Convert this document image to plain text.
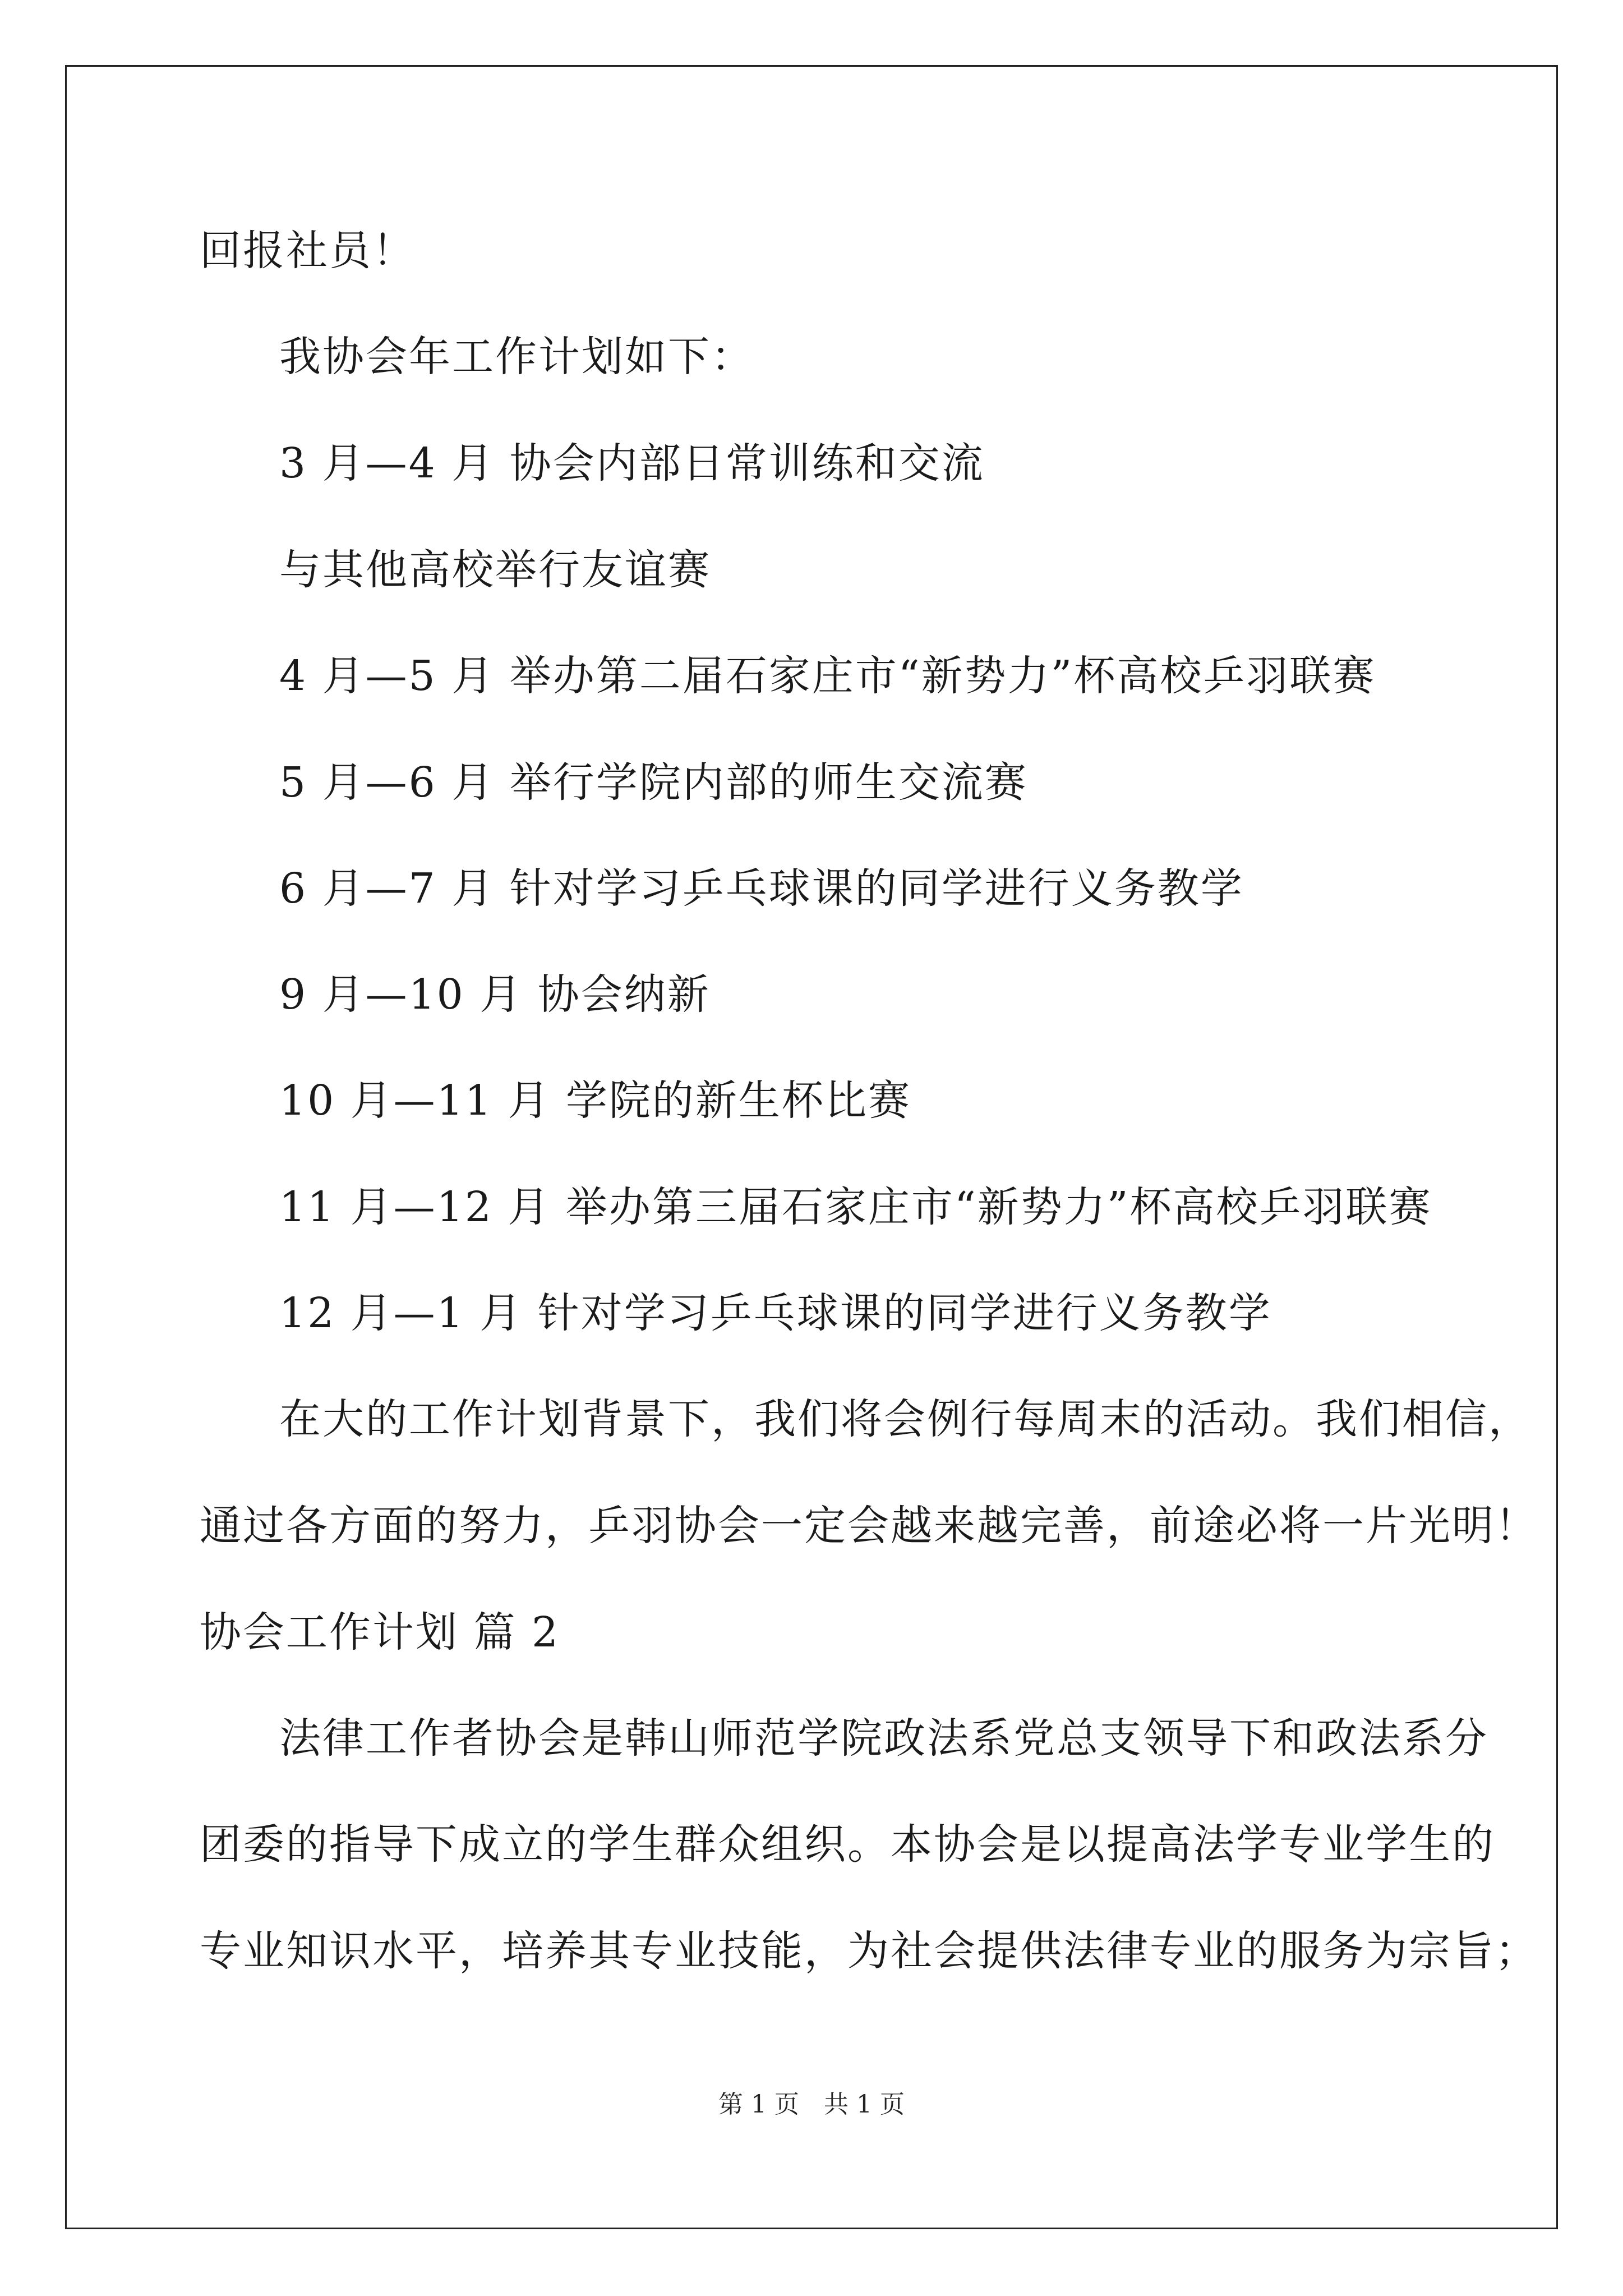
回报社员！
我协会年工作计划如下：
3 月—4 月 协会内部日常训练和交流
与其他高校举行友谊赛
4 月—5 月 举办第二届石家庄市“新势力”杯高校乒羽联赛
5 月—6 月 举行学院内部的师生交流赛
6 月—7 月 针对学习乒乓球课的同学进行义务教学
9 月—10 月 协会纳新
10 月—11 月 学院的新生杯比赛
11 月—12 月 举办第三届石家庄市“新势力”杯高校乒羽联赛
12 月—1 月 针对学习乒乓球课的同学进行义务教学
在大的工作计划背景下，我们将会例行每周末的活动。我们相信，
通过各方面的努力，乒羽协会一定会越来越完善，前途必将一片光明！
协会工作计划 篇 2
法律工作者协会是韩山师范学院政法系党总支领导下和政法系分
团委的指导下成立的学生群众组织。本协会是以提高法学专业学生的
专业知识水平，培养其专业技能，为社会提供法律专业的服务为宗旨；
第 1 页　共 1 页
